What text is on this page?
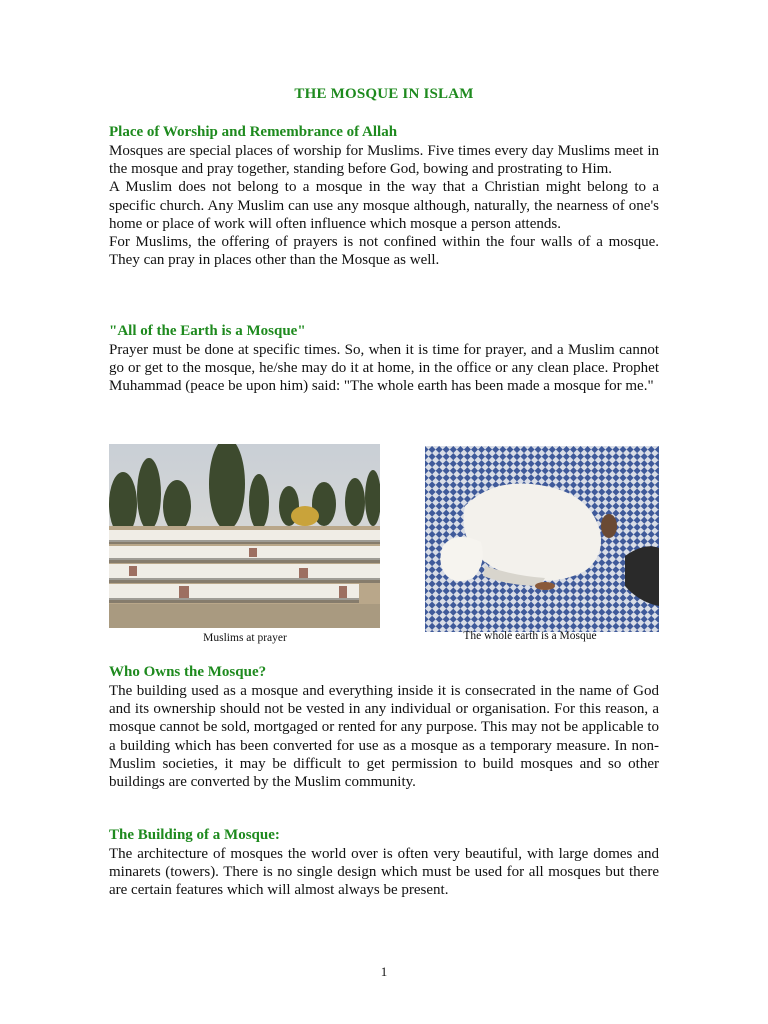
THE MOSQUE IN ISLAM
Place of Worship and Remembrance of Allah

Mosques are special places of worship for Muslims. Five times every day Muslims meet in the mosque and pray together, standing before God, bowing and prostrating to Him.

A Muslim does not belong to a mosque in the way that a Christian might belong to a specific church. Any Muslim can use any mosque although, naturally, the nearness of one's home or place of work will often influence which mosque a person attends.

For Muslims, the offering of prayers is not confined within the four walls of a mosque. They can pray in places other than the Mosque as well.

"All of the Earth is a Mosque"

Prayer must be done at specific times. So, when it is time for prayer, and a Muslim cannot go or get to the mosque, he/she may do it at home, in the office or any clean place. Prophet Muhammad (peace be upon him) said: "The whole earth has been made a mosque for me."

Muslims at prayer	The whole earth is a Mosque
Who Owns the Mosque?

The building used as a mosque and everything inside it is consecrated in the name of God and its ownership should not be vested in any individual or organisation. For this reason, a mosque cannot be sold, mortgaged or rented for any purpose. This may not be applicable to a building which has been converted for use as a mosque as a temporary measure. In non-Muslim societies, it may be difficult to get permission to build mosques and so other buildings are converted by the Muslim community.

The Building of a Mosque:

The architecture of mosques the world over is often very beautiful, with large domes and minarets (towers). There is no single design which must be used for all mosques but there are certain features which will almost always be present.

1
